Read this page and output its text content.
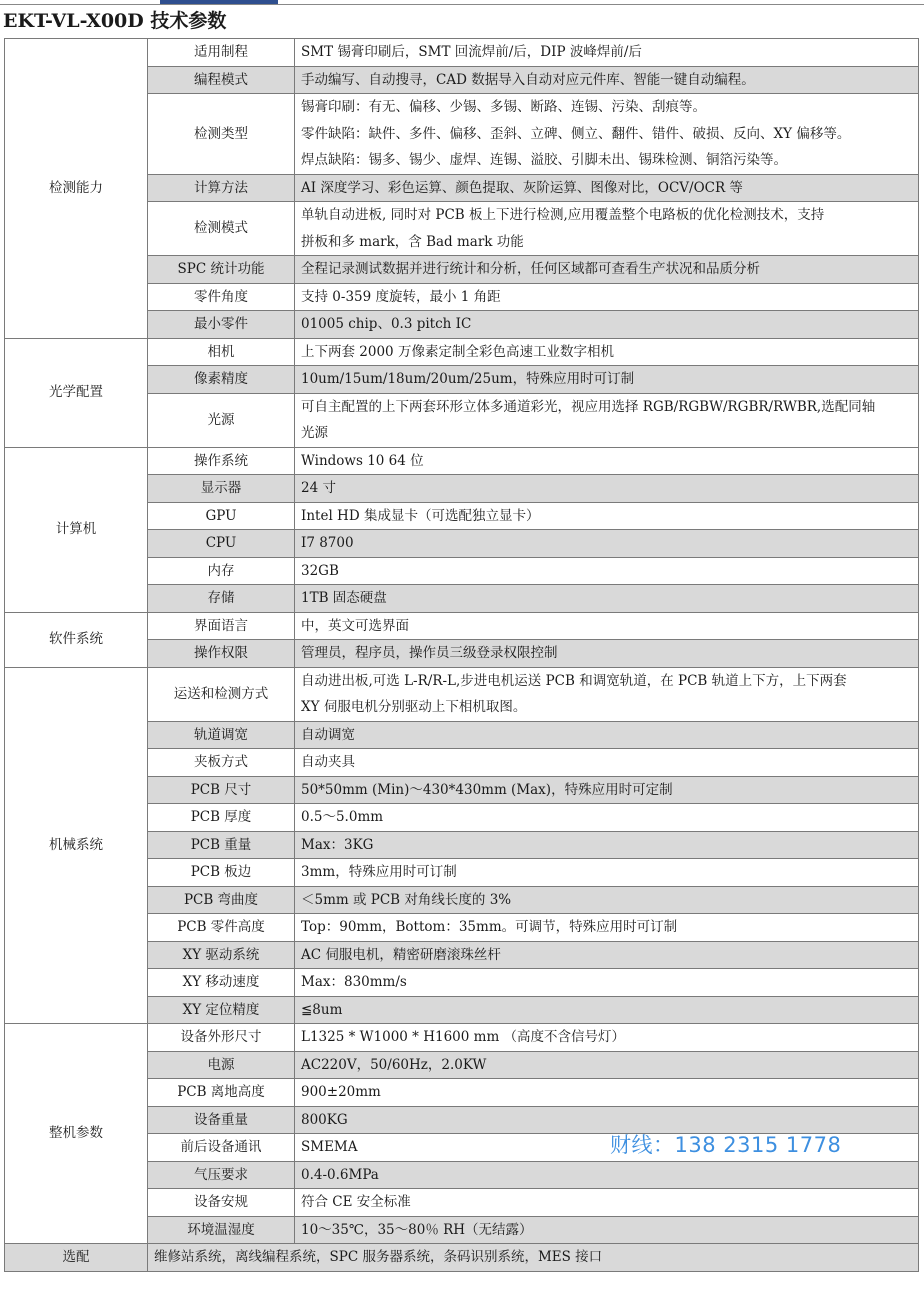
EKT-VL-X00D 技术参数
检测能力	适用制程	SMT 锡膏印刷后，SMT 回流焊前/后，DIP 波峰焊前/后

	编程模式	手动编写、自动搜寻，CAD 数据导入自动对应元件库、智能一键自动编程。

	检测类型	锡膏印刷：有无、偏移、少锡、多锡、断路、连锡、污染、刮痕等。
零件缺陷：缺件、多件、偏移、歪斜、立碑、侧立、翻件、错件、破损、反向、XY 偏移等。
焊点缺陷：锡多、锡少、虚焊、连锡、溢胶、引脚未出、锡珠检测、铜箔污染等。

	计算方法	AI 深度学习、彩色运算、颜色提取、灰阶运算、图像对比，OCV/OCR 等

	检测模式	单轨自动进板, 同时对 PCB 板上下进行检测,应用覆盖整个电路板的优化检测技术，支持
拼板和多 mark，含 Bad mark 功能

	SPC 统计功能	全程记录测试数据并进行统计和分析，任何区域都可查看生产状况和品质分析

	零件角度	支持 0-359 度旋转，最小 1 角距

	最小零件	01005 chip、0.3 pitch IC

光学配置	相机	上下两套 2000 万像素定制全彩色高速工业数字相机

	像素精度	10um/15um/18um/20um/25um，特殊应用时可订制

	光源	可自主配置的上下两套环形立体多通道彩光，视应用选择 RGB/RGBW/RGBR/RWBR,选配同轴
光源

计算机	操作系统	Windows 10 64 位

	显示器	24 寸

	GPU	Intel HD 集成显卡（可选配独立显卡）

	CPU	I7 8700

	内存	32GB

	存储	1TB 固态硬盘

软件系统	界面语言	中，英文可选界面

	操作权限	管理员，程序员，操作员三级登录权限控制

机械系统	运送和检测方式	自动进出板,可选 L-R/R-L,步进电机运送 PCB 和调宽轨道，在 PCB 轨道上下方，上下两套
XY 伺服电机分别驱动上下相机取图。

	轨道调宽	自动调宽

	夹板方式	自动夹具

	PCB 尺寸	50*50mm (Min)～430*430mm (Max)，特殊应用时可定制

	PCB 厚度	0.5～5.0mm

	PCB 重量	Max：3KG

	PCB 板边	3mm，特殊应用时可订制

	PCB 弯曲度	＜5mm 或 PCB 对角线长度的 3%

	PCB 零件高度	Top：90mm，Bottom：35mm。可调节，特殊应用时可订制

	XY 驱动系统	AC 伺服电机，精密研磨滚珠丝杆

	XY 移动速度	Max：830mm/s

	XY 定位精度	≦8um

整机参数	设备外形尺寸	L1325 * W1000 * H1600 mm （高度不含信号灯）

	电源	AC220V，50/60Hz，2.0KW

	PCB 离地高度	900±20mm

	设备重量	800KG

	前后设备通讯	SMEMA

	气压要求	0.4-0.6MPa

	设备安规	符合 CE 安全标准

	环境温湿度	10～35℃，35～80％ RH（无结露）

选配	维修站系统，离线编程系统，SPC 服务器系统，条码识别系统，MES 接口	
财线：138 2315 1778
